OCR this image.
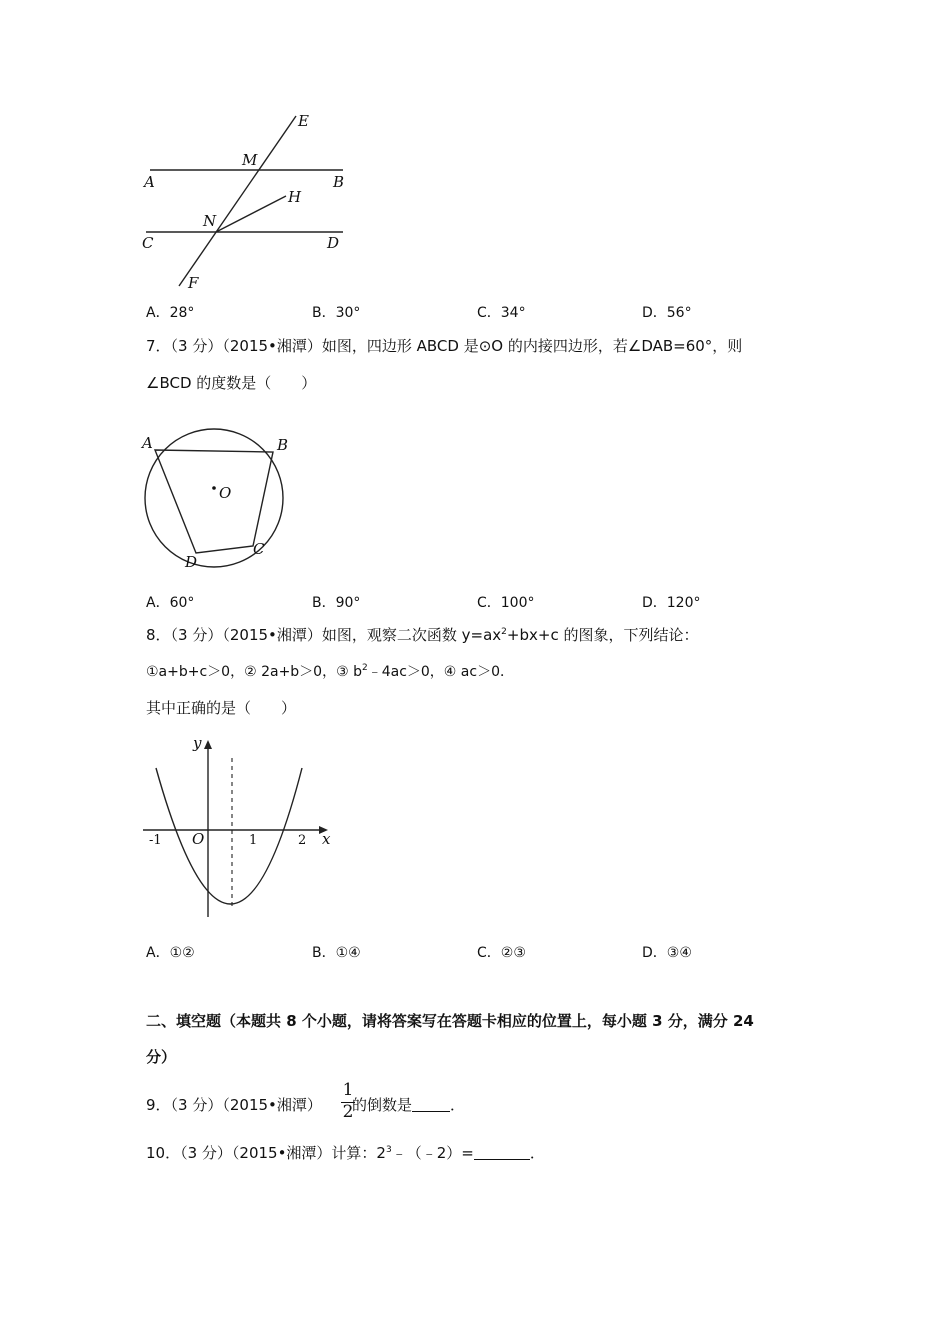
E
M
A	B
H
N
C	D
F
A．28°	B．30°	C．34°	D．56°
7．（3 分）（2015•湘潭）如图，四边形 ABCD 是⊙O 的内接四边形，若∠DAB=60°，则
∠BCD 的度数是（　　）
A	B
O
C
D
A．60°	B．90°	C．100°	D．120°
8．（3 分）（2015•湘潭）如图，观察二次函数 $y=ax^2+bx+c$ 的图象，下列结论：
①a+b+c＞0，② 2a+b＞0，③ $b^2﹣4ac>0$，④ ac＞0．
其中正确的是（　　）
y
x
O
-1	1	2
A．①②	B．①④	C．②③	D．③④
二、填空题（本题共 8 个小题，请将答案写在答题卡相应的位置上，每小题 3 分，满分 24
分）
9．（3 分）（2015•湘潭）
1
2
的倒数是	．
10．（3 分）（2015•湘潭）计算：$2^3﹣(﹣2)=$	．
